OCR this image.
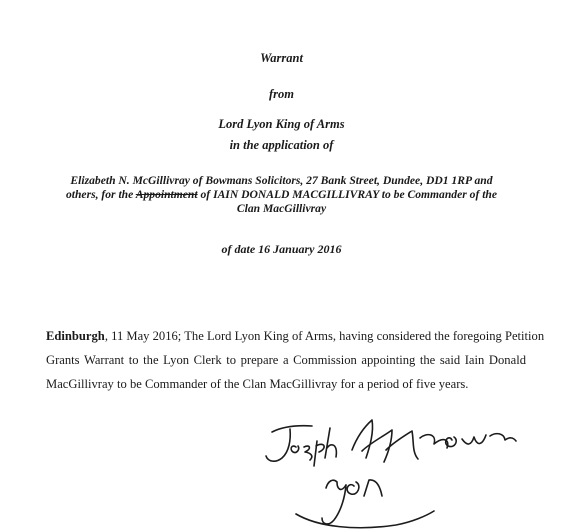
Warrant
from
Lord Lyon King of Arms
in the application of
Elizabeth N. McGillivray of Bowmans Solicitors, 27 Bank Street, Dundee, DD1 1RP and
others, for the Appointment of IAIN DONALD MACGILLIVRAY to be Commander of the
Clan MacGillivray
of date 16 January 2016
Edinburgh, 11 May 2016; The Lord Lyon King of Arms, having considered the foregoing Petition
Grants Warrant to the Lyon Clerk to prepare a Commission appointing the said Iain Donald
MacGillivray to be Commander of the Clan MacGillivray for a period of five years.
